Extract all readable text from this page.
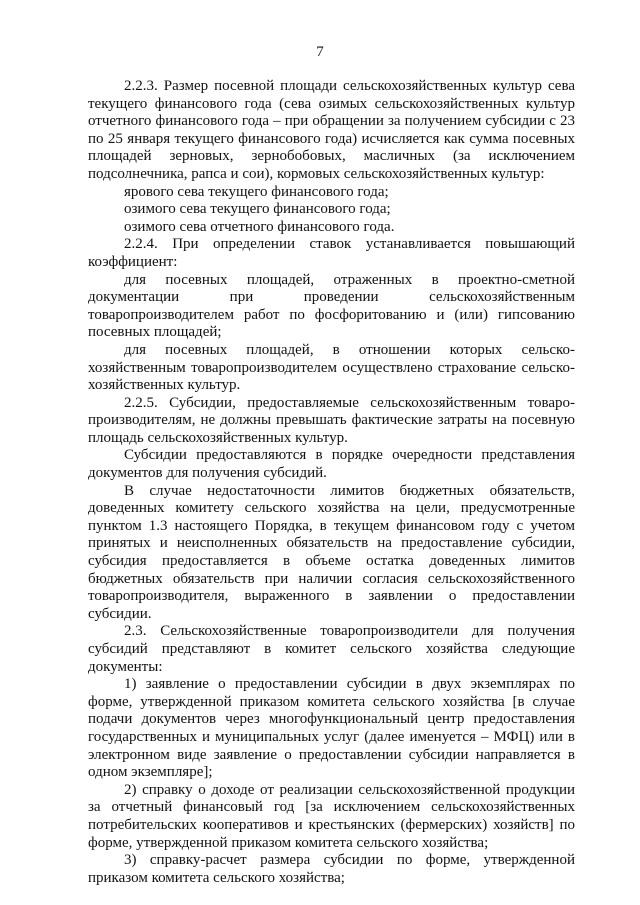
7

2.2.3. Размер посевной площади сельскохозяйственных культур сева текущего финансового года (сева озимых сельскохозяйственных культур отчетного финансового года – при обращении за получением субсидии с 23 по 25 января текущего финансового года) исчисляется как сумма посевных площадей зерновых, зернобобовых, масличных (за исключением подсолнечника, рапса и сои), кормовых сельскохозяйственных культур:

ярового сева текущего финансового года;

озимого сева текущего финансового года;

озимого сева отчетного финансового года.

2.2.4. При определении ставок устанавливается повышающий коэффициент:

для посевных площадей, отраженных в проектно-сметной документации при проведении сельскохозяйственным товаропроизводителем работ по фосфоритованию и (или) гипсованию посевных площадей;

для посевных площадей, в отношении которых сельско-хозяйственным товаропроизводителем осуществлено страхование сельско-хозяйственных культур.

2.2.5. Субсидии, предоставляемые сельскохозяйственным товаро-производителям, не должны превышать фактические затраты на посевную площадь сельскохозяйственных культур.

Субсидии предоставляются в порядке очередности представления документов для получения субсидий.

В случае недостаточности лимитов бюджетных обязательств, доведенных комитету сельского хозяйства на цели, предусмотренные пунктом 1.3 настоящего Порядка, в текущем финансовом году с учетом принятых и неисполненных обязательств на предоставление субсидии, субсидия предоставляется в объеме остатка доведенных лимитов бюджетных обязательств при наличии согласия сельскохозяйственного товаропроизводителя, выраженного в заявлении о предоставлении субсидии.

2.3. Сельскохозяйственные товаропроизводители для получения субсидий представляют в комитет сельского хозяйства следующие документы:

1) заявление о предоставлении субсидии в двух экземплярах по форме, утвержденной приказом комитета сельского хозяйства [в случае подачи документов через многофункциональный центр предоставления государственных и муниципальных услуг (далее именуется – МФЦ) или в электронном виде заявление о предоставлении субсидии направляется в одном экземпляре];

2) справку о доходе от реализации сельскохозяйственной продукции за отчетный финансовый год [за исключением сельскохозяйственных потребительских кооперативов и крестьянских (фермерских) хозяйств] по форме, утвержденной приказом комитета сельского хозяйства;

3) справку-расчет размера субсидии по форме, утвержденной приказом комитета сельского хозяйства;
